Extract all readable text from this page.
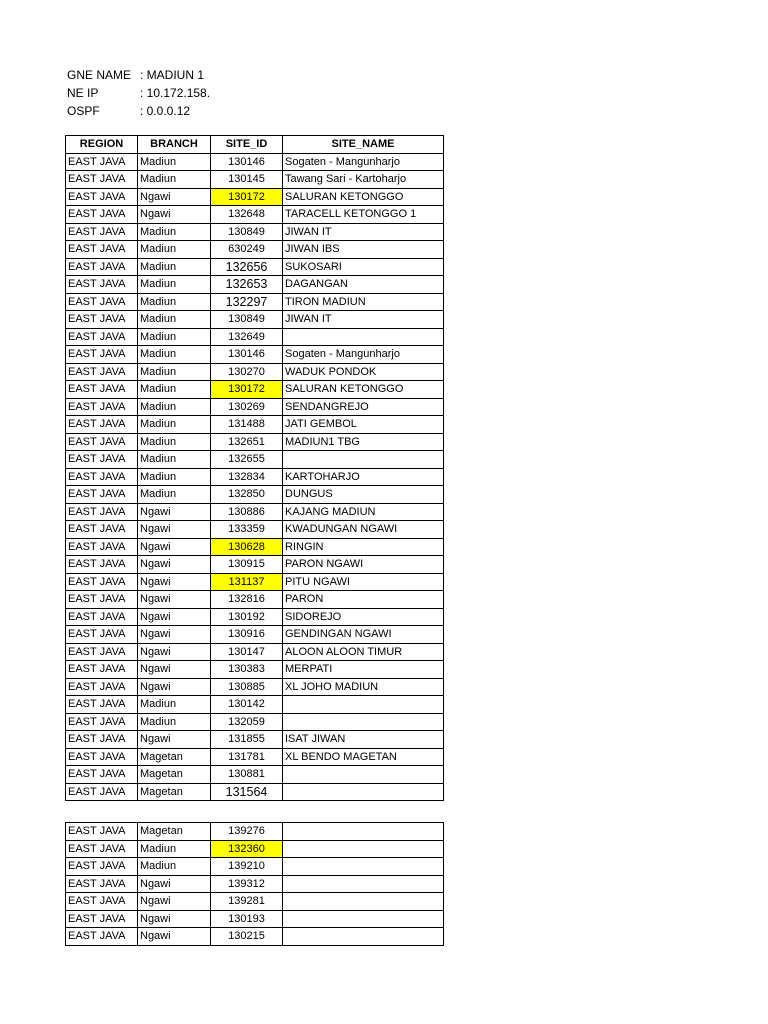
GNE NAME : MADIUN 1
NE IP	: 10.172.158.
OSPF	: 0.0.0.12
REGION	BRANCH	SITE_ID	SITE_NAME
EAST JAVA	Madiun	130146	Sogaten - Mangunharjo
EAST JAVA	Madiun	130145	Tawang Sari - Kartoharjo
EAST JAVA	Ngawi	130172	SALURAN KETONGGO
EAST JAVA	Ngawi	132648	TARACELL KETONGGO 1
EAST JAVA	Madiun	130849	JIWAN IT
EAST JAVA	Madiun	630249	JIWAN IBS
EAST JAVA	Madiun	132656	SUKOSARI
EAST JAVA	Madiun	132653	DAGANGAN
EAST JAVA	Madiun	132297	TIRON MADIUN
EAST JAVA	Madiun	130849	JIWAN IT
EAST JAVA	Madiun	132649	
EAST JAVA	Madiun	130146	Sogaten - Mangunharjo
EAST JAVA	Madiun	130270	WADUK PONDOK
EAST JAVA	Madiun	130172	SALURAN KETONGGO
EAST JAVA	Madiun	130269	SENDANGREJO
EAST JAVA	Madiun	131488	JATI GEMBOL
EAST JAVA	Madiun	132651	MADIUN1 TBG
EAST JAVA	Madiun	132655	
EAST JAVA	Madiun	132834	KARTOHARJO
EAST JAVA	Madiun	132850	DUNGUS
EAST JAVA	Ngawi	130886	KAJANG MADIUN
EAST JAVA	Ngawi	133359	KWADUNGAN NGAWI
EAST JAVA	Ngawi	130628	RINGIN
EAST JAVA	Ngawi	130915	PARON NGAWI
EAST JAVA	Ngawi	131137	PITU NGAWI
EAST JAVA	Ngawi	132816	PARON
EAST JAVA	Ngawi	130192	SIDOREJO
EAST JAVA	Ngawi	130916	GENDINGAN NGAWI
EAST JAVA	Ngawi	130147	ALOON ALOON TIMUR
EAST JAVA	Ngawi	130383	MERPATI
EAST JAVA	Ngawi	130885	XL JOHO MADIUN
EAST JAVA	Madiun	130142	
EAST JAVA	Madiun	132059	
EAST JAVA	Ngawi	131855	ISAT JIWAN
EAST JAVA	Magetan	131781	XL BENDO MAGETAN
EAST JAVA	Magetan	130881	
EAST JAVA	Magetan	131564	
EAST JAVA	Magetan	139276	
EAST JAVA	Madiun	132360	
EAST JAVA	Madiun	139210	
EAST JAVA	Ngawi	139312	
EAST JAVA	Ngawi	139281	
EAST JAVA	Ngawi	130193	
EAST JAVA	Ngawi	130215	
